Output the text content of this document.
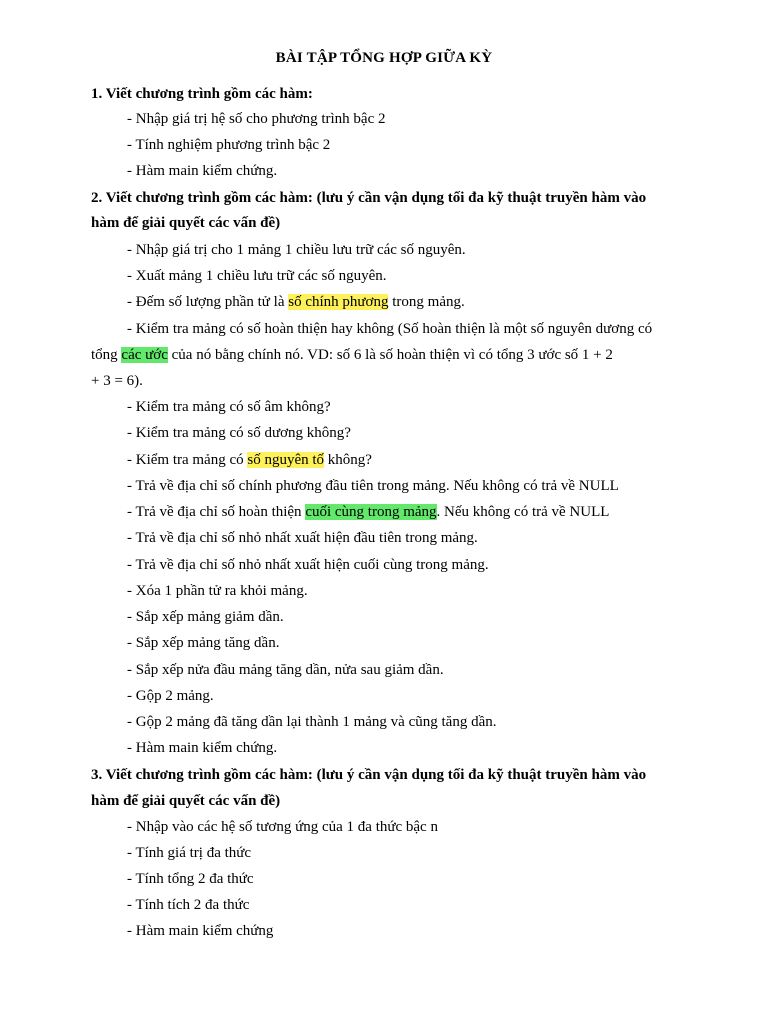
BÀI TẬP TỔNG HỢP GIỮA KỲ
1. Viết chương trình gồm các hàm:
- Nhập giá trị hệ số cho phương trình bậc 2
- Tính nghiệm phương trình bậc 2
- Hàm main kiểm chứng.
2. Viết chương trình gồm các hàm: (lưu ý cần vận dụng tối đa kỹ thuật truyền hàm vào
hàm để giải quyết các vấn đề)
- Nhập giá trị cho 1 mảng 1 chiều lưu trữ các số nguyên.
- Xuất mảng 1 chiều lưu trữ các số nguyên.
- Đếm số lượng phần tử là số chính phương trong mảng.
- Kiểm tra mảng có số hoàn thiện hay không (Số hoàn thiện là một số nguyên dương có
tổng các ước của nó bằng chính nó. VD: số 6 là số hoàn thiện vì có tổng 3 ước số 1 + 2
+ 3 = 6).
- Kiểm tra mảng có số âm không?
- Kiểm tra mảng có số dương không?
- Kiểm tra mảng có số nguyên tố không?
- Trả về địa chỉ số chính phương đầu tiên trong mảng. Nếu không có trả về NULL
- Trả về địa chỉ số hoàn thiện cuối cùng trong mảng. Nếu không có trả về NULL
- Trả về địa chỉ số nhỏ nhất xuất hiện đầu tiên trong mảng.
- Trả về địa chỉ số nhỏ nhất xuất hiện cuối cùng trong mảng.
- Xóa 1 phần tử ra khỏi mảng.
- Sắp xếp mảng giảm dần.
- Sắp xếp mảng tăng dần.
- Sắp xếp nửa đầu mảng tăng dần, nửa sau giảm dần.
- Gộp 2 mảng.
- Gộp 2 mảng đã tăng dần lại thành 1 mảng và cũng tăng dần.
- Hàm main kiểm chứng.
3. Viết chương trình gồm các hàm: (lưu ý cần vận dụng tối đa kỹ thuật truyền hàm vào
hàm để giải quyết các vấn đề)
- Nhập vào các hệ số tương ứng của 1 đa thức bậc n
- Tính giá trị đa thức
- Tính tổng 2 đa thức
- Tính tích 2 đa thức
- Hàm main kiểm chứng
